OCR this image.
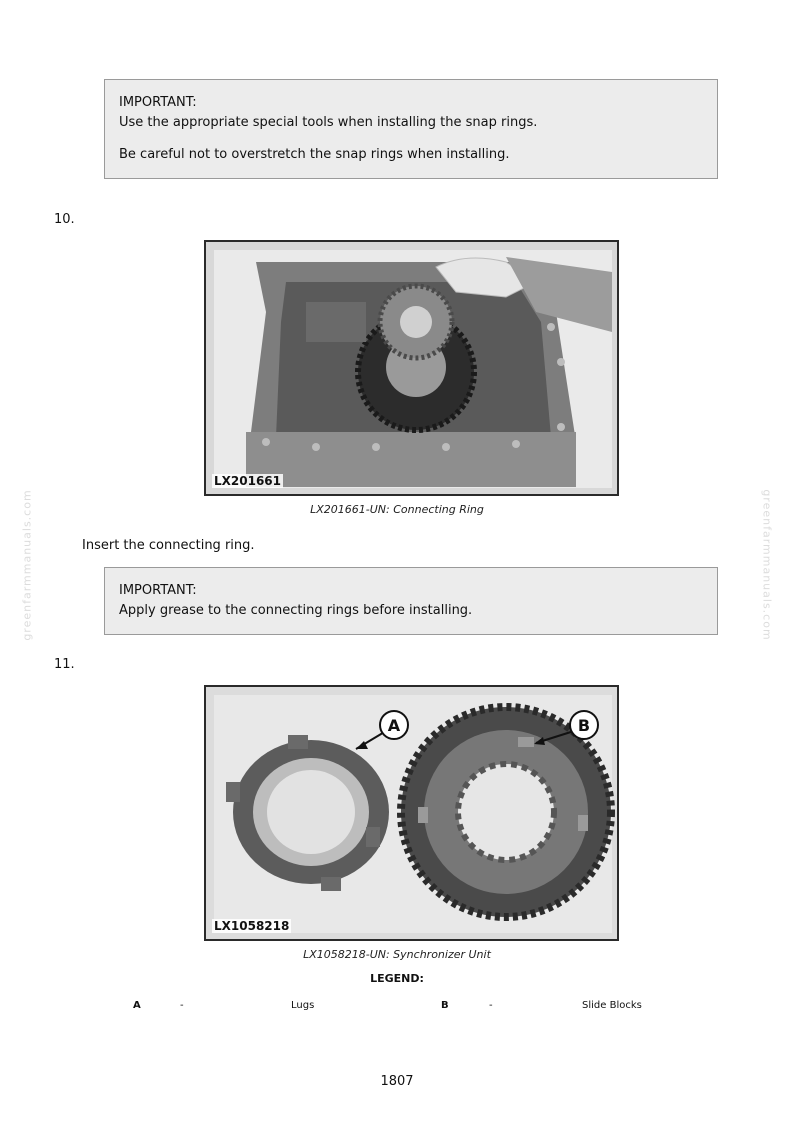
greenfarmmanuals.com	greenfarmmanuals.com

IMPORTANT:

Use the appropriate special tools when installing the snap rings.

Be careful not to overstretch the snap rings when installing.

10.
LX201661
LX201661-UN: Connecting Ring
Insert the connecting ring.

IMPORTANT:

Apply grease to the connecting rings before installing.

11.
A	B
LX1058218
LX1058218-UN: Synchronizer Unit
LEGEND:
A	-	Lugs	B	-	Slide Blocks
1807
